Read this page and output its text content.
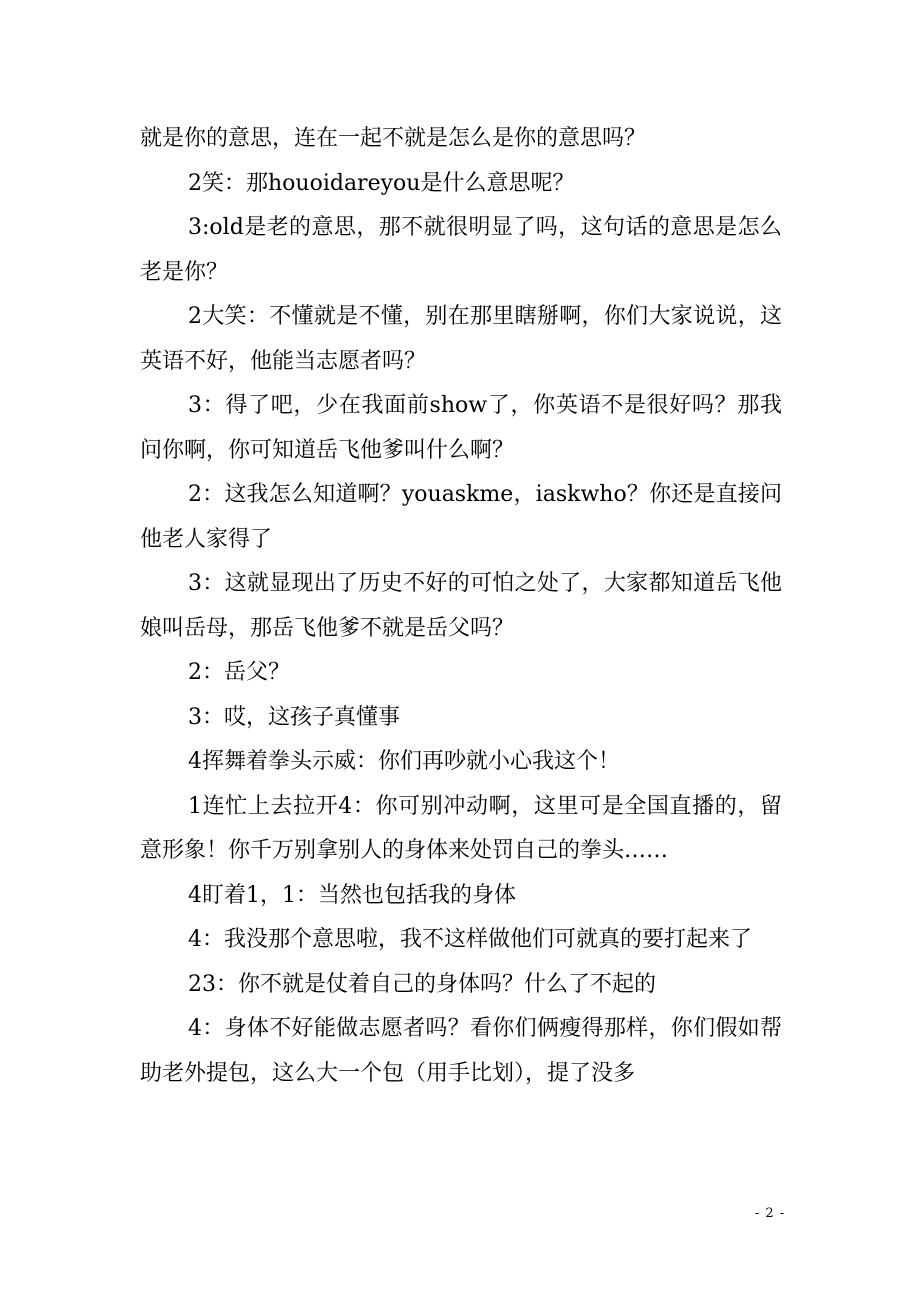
就是你的意思，连在一起不就是怎么是你的意思吗？

2笑：那houoidareyou是什么意思呢？

3:old是老的意思，那不就很明显了吗，这句话的意思是怎么老是你？

2大笑：不懂就是不懂，别在那里瞎掰啊，你们大家说说，这英语不好，他能当志愿者吗？

3：得了吧，少在我面前show了，你英语不是很好吗？那我问你啊，你可知道岳飞他爹叫什么啊？

2：这我怎么知道啊？youaskme，iaskwho？你还是直接问他老人家得了

3：这就显现出了历史不好的可怕之处了，大家都知道岳飞他娘叫岳母，那岳飞他爹不就是岳父吗？

2：岳父？

3：哎，这孩子真懂事

4挥舞着拳头示威：你们再吵就小心我这个！

1连忙上去拉开4：你可别冲动啊，这里可是全国直播的，留意形象！你千万别拿别人的身体来处罚自己的拳头……

4盯着1，1：当然也包括我的身体

4：我没那个意思啦，我不这样做他们可就真的要打起来了

23：你不就是仗着自己的身体吗？什么了不起的

4：身体不好能做志愿者吗？看你们俩瘦得那样，你们假如帮助老外提包，这么大一个包（用手比划），提了没多

- 2 -
